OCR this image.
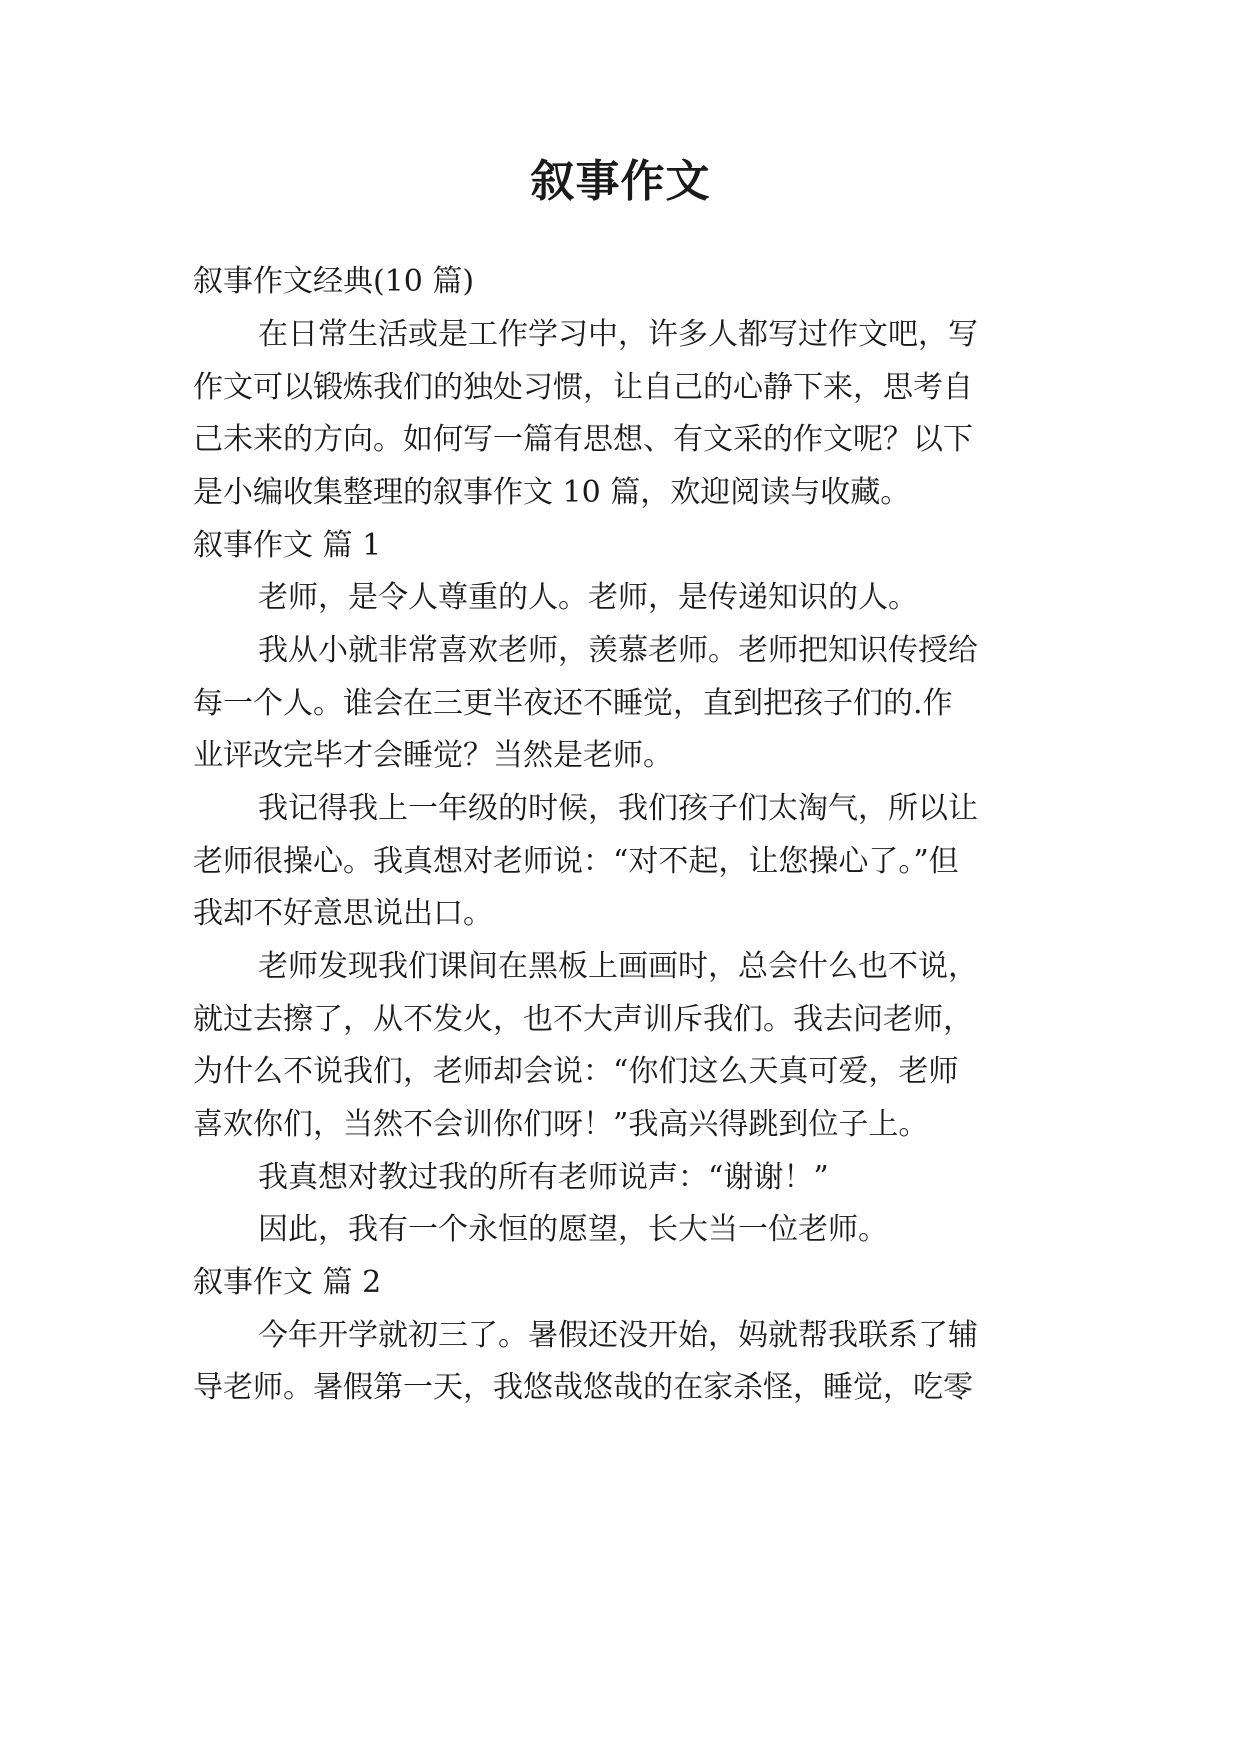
叙事作文
叙事作文经典(10 篇)
在日常生活或是工作学习中，许多人都写过作文吧，写
作文可以锻炼我们的独处习惯，让自己的心静下来，思考自
己未来的方向。如何写一篇有思想、有文采的作文呢？以下
是小编收集整理的叙事作文 10 篇，欢迎阅读与收藏。
叙事作文 篇 1
老师，是令人尊重的人。老师，是传递知识的人。
我从小就非常喜欢老师，羡慕老师。老师把知识传授给
每一个人。谁会在三更半夜还不睡觉，直到把孩子们的.作
业评改完毕才会睡觉？当然是老师。
我记得我上一年级的时候，我们孩子们太淘气，所以让
老师很操心。我真想对老师说：“对不起，让您操心了。”但
我却不好意思说出口。
老师发现我们课间在黑板上画画时，总会什么也不说，
就过去擦了，从不发火，也不大声训斥我们。我去问老师，
为什么不说我们，老师却会说：“你们这么天真可爱，老师
喜欢你们，当然不会训你们呀！”我高兴得跳到位子上。
我真想对教过我的所有老师说声：“谢谢！”
因此，我有一个永恒的愿望，长大当一位老师。
叙事作文 篇 2
今年开学就初三了。暑假还没开始，妈就帮我联系了辅
导老师。暑假第一天，我悠哉悠哉的在家杀怪，睡觉，吃零
